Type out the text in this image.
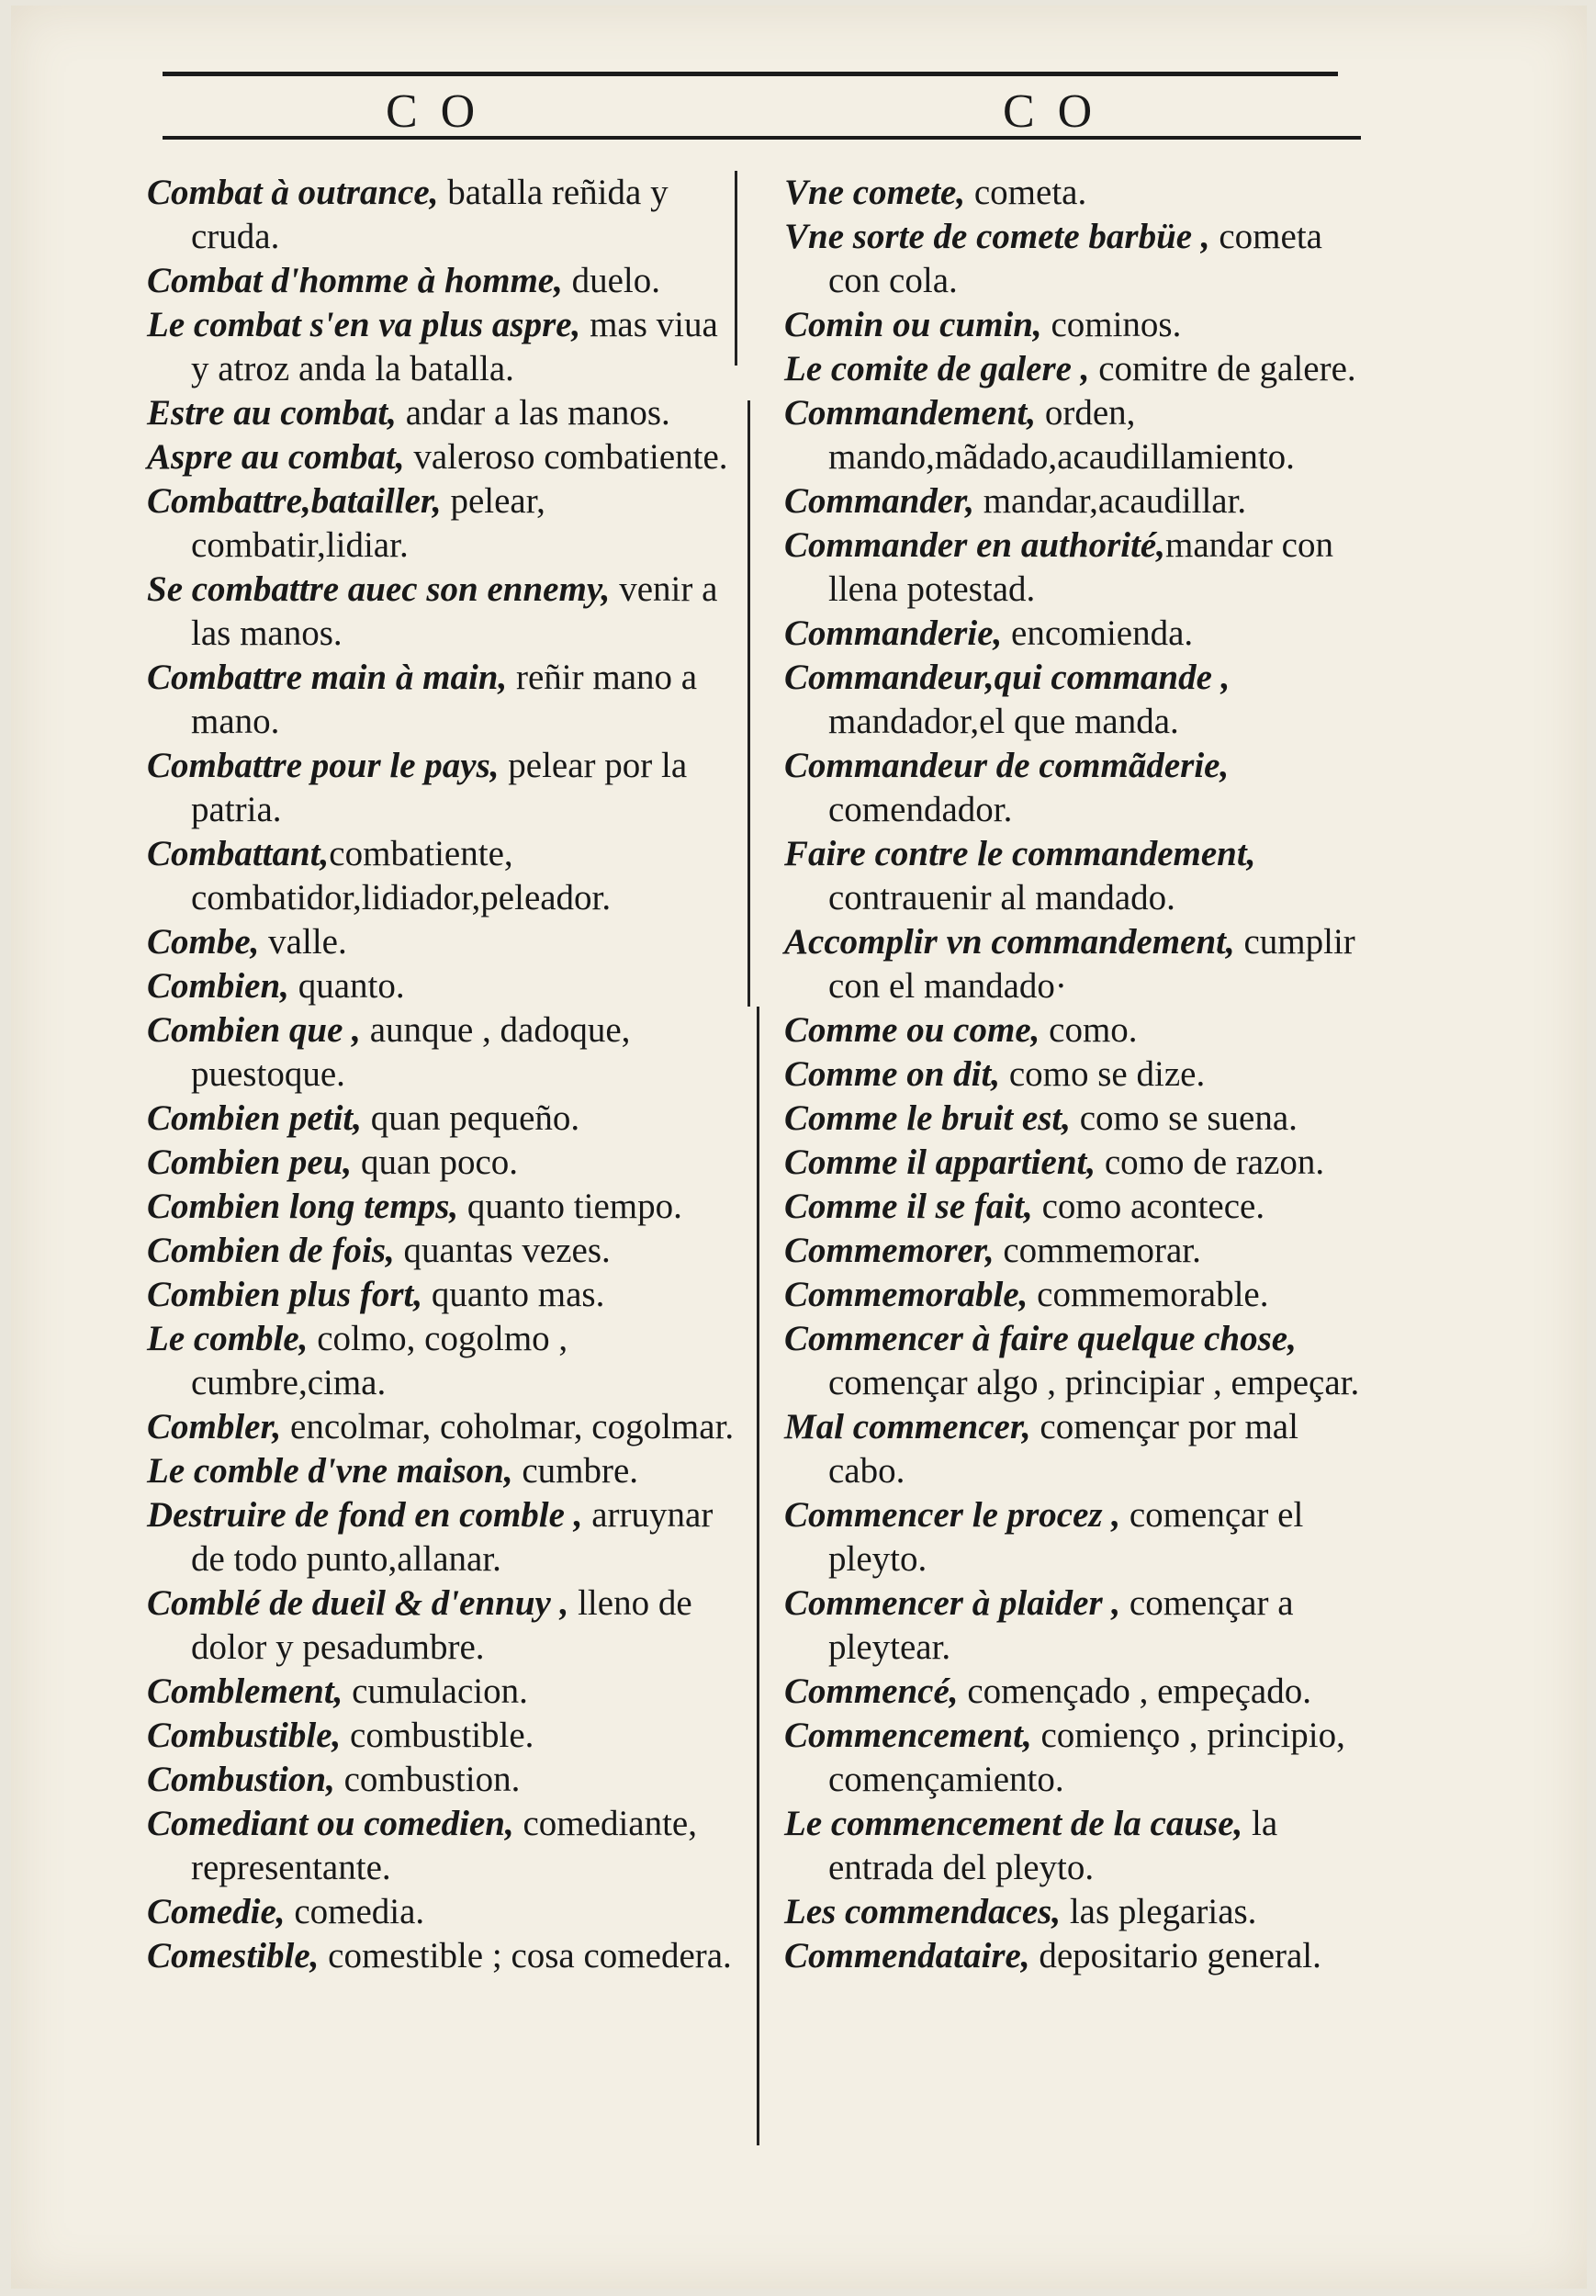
C O	C O

Combat à outrance, batalla reñida y cruda.

Combat d'homme à homme, duelo.

Le combat s'en va plus aspre, mas viua y atroz anda la batalla.

Estre au combat, andar a las manos.

Aspre au combat, valeroso combatiente.

Combattre,batailler, pelear, combatir,lidiar.

Se combattre auec son ennemy, venir a las manos.

Combattre main à main, reñir mano a mano.

Combattre pour le pays, pelear por la patria.

Combattant,combatiente, combatidor,lidiador,peleador.

Combe, valle.

Combien, quanto.

Combien que , aunque , dadoque, puestoque.

Combien petit, quan pequeño.

Combien peu, quan poco.

Combien long temps, quanto tiempo.

Combien de fois, quantas vezes.

Combien plus fort, quanto mas.

Le comble, colmo, cogolmo , cumbre,cima.

Combler, encolmar, coholmar, cogolmar.

Le comble d'vne maison, cumbre.

Destruire de fond en comble , arruynar de todo punto,allanar.

Comblé de dueil & d'ennuy , lleno de dolor y pesadumbre.

Comblement, cumulacion.

Combustible, combustible.

Combustion, combustion.

Comediant ou comedien, comediante, representante.

Comedie, comedia.

Comestible, comestible ; cosa comedera.

Vne comete, cometa.

Vne sorte de comete barbüe , cometa con cola.

Comin ou cumin, cominos.

Le comite de galere , comitre de galere.

Commandement, orden, mando,mãdado,acaudillamiento.

Commander, mandar,acaudillar.

Commander en authorité,mandar con llena potestad.

Commanderie, encomienda.

Commandeur,qui commande , mandador,el que manda.

Commandeur de commãderie, comendador.

Faire contre le commandement, contrauenir al mandado.

Accomplir vn commandement, cumplir con el mandado·

Comme ou come, como.

Comme on dit, como se dize.

Comme le bruit est, como se suena.

Comme il appartient, como de razon.

Comme il se fait, como acontece.

Commemorer, commemorar.

Commemorable, commemorable.

Commencer à faire quelque chose, començar algo , principiar , empeçar.

Mal commencer, començar por mal cabo.

Commencer le procez , començar el pleyto.

Commencer à plaider , començar a pleytear.

Commencé, començado , empeçado.

Commencement, comienço , principio, començamiento.

Le commencement de la cause, la entrada del pleyto.

Les commendaces, las plegarias.

Commendataire, depositario general.
